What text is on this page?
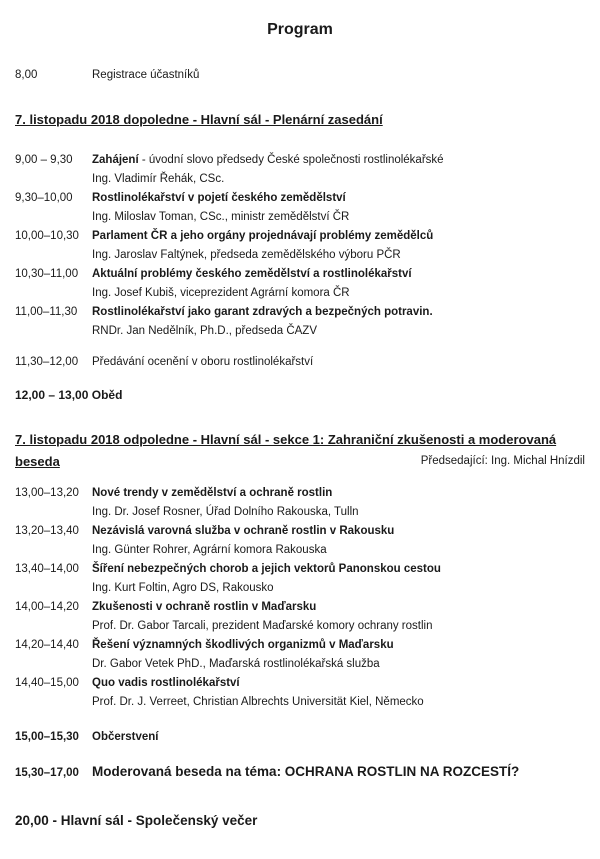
Program
8,00	Registrace účastníků
7. listopadu 2018 dopoledne - Hlavní sál - Plenární zasedání
9,00 – 9,30	Zahájení - úvodní slovo předsedy České společnosti rostlinolékařské
Ing. Vladimír Řehák, CSc.
9,30–10,00	Rostlinolékařství v pojetí českého zemědělství
Ing. Miloslav Toman, CSc., ministr zemědělství ČR
10,00–10,30	Parlament ČR a jeho orgány projednávají problémy zemědělců
Ing. Jaroslav Faltýnek, předseda zemědělského výboru PČR
10,30–11,00	Aktuální problémy českého zemědělství a rostlinolékařství
Ing. Josef Kubiš, viceprezident Agrární komora ČR
11,00–11,30	Rostlinolékařství jako garant zdravých a bezpečných potravin.
RNDr. Jan Nedělník, Ph.D., předseda ČAZV
11,30–12,00	Předávání ocenění v oboru rostlinolékařství
12,00 – 13,00 Oběd
7. listopadu 2018 odpoledne - Hlavní sál - sekce 1: Zahraniční zkušenosti a moderovaná beseda	Předsedající: Ing. Michal Hnízdil
13,00–13,20	Nové trendy v zemědělství a ochraně rostlin
Ing. Dr. Josef Rosner, Úřad Dolního Rakouska, Tulln
13,20–13,40	Nezávislá varovná služba v ochraně rostlin v Rakousku
Ing. Günter Rohrer, Agrární komora Rakouska
13,40–14,00	Šíření nebezpečných chorob a jejich vektorů Panonskou cestou
Ing. Kurt Foltin, Agro DS, Rakousko
14,00–14,20	Zkušenosti v ochraně rostlin v Maďarsku
Prof. Dr. Gabor Tarcali, prezident Maďarské komory ochrany rostlin
14,20–14,40	Řešení významných škodlivých organizmů v Maďarsku
Dr. Gabor Vetek PhD., Maďarská rostlinolékařská služba
14,40–15,00	Quo vadis rostlinolékařství
Prof. Dr. J. Verreet, Christian Albrechts Universität Kiel, Německo
15,00–15,30	Občerstvení
15,30–17,00 Moderovaná beseda na téma: OCHRANA ROSTLIN NA ROZCESTÍ?
20,00 - Hlavní sál - Společenský večer
